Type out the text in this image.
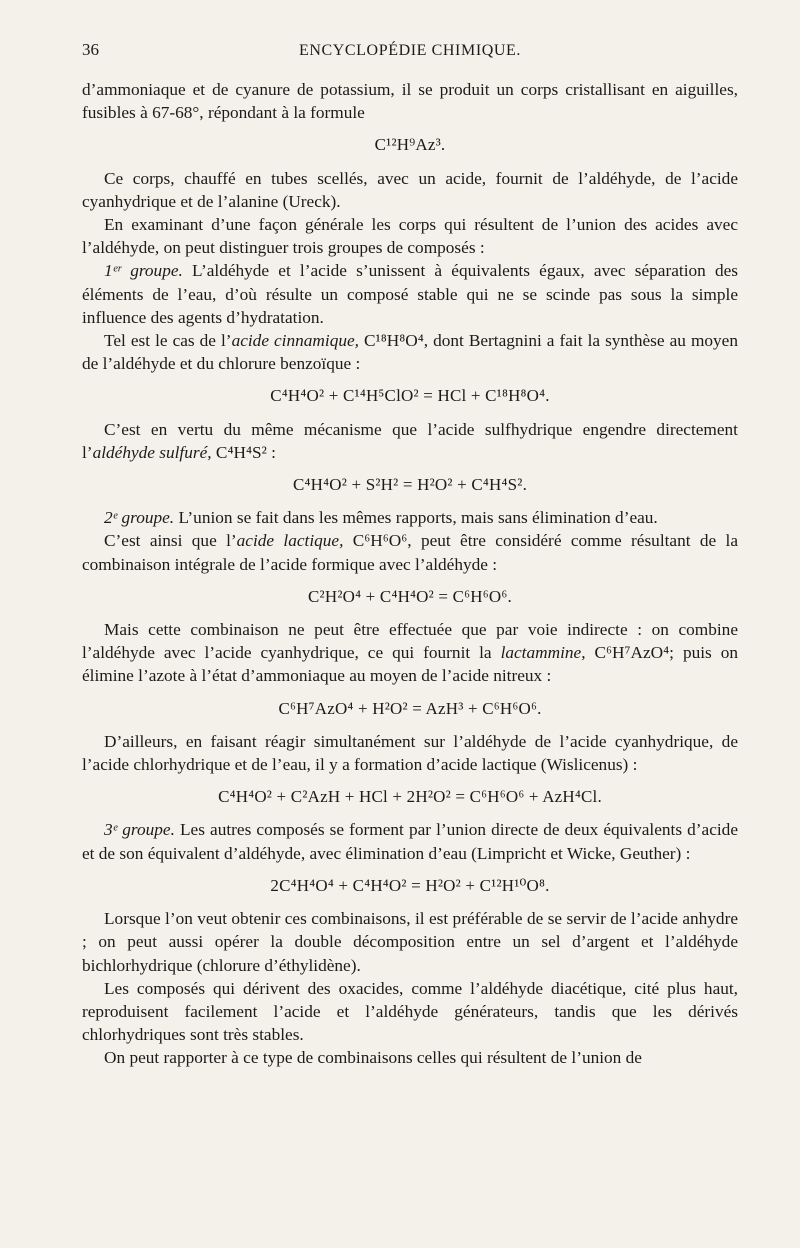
36	ENCYCLOPÉDIE CHIMIQUE.

d’ammoniaque et de cyanure de potassium, il se produit un corps cristallisant en aiguilles, fusibles à 67-68°, répondant à la formule

C¹²H⁹Az³.

Ce corps, chauffé en tubes scellés, avec un acide, fournit de l’aldéhyde, de l’acide cyanhydrique et de l’alanine (Ureck).

En examinant d’une façon générale les corps qui résultent de l’union des acides avec l’aldéhyde, on peut distinguer trois groupes de composés :

1ᵉʳ groupe. L’aldéhyde et l’acide s’unissent à équivalents égaux, avec séparation des éléments de l’eau, d’où résulte un composé stable qui ne se scinde pas sous la simple influence des agents d’hydratation.

Tel est le cas de l’acide cinnamique, C¹⁸H⁸O⁴, dont Bertagnini a fait la synthèse au moyen de l’aldéhyde et du chlorure benzoïque :

C⁴H⁴O² + C¹⁴H⁵ClO² = HCl + C¹⁸H⁸O⁴.

C’est en vertu du même mécanisme que l’acide sulfhydrique engendre directement l’aldéhyde sulfuré, C⁴H⁴S² :

C⁴H⁴O² + S²H² = H²O² + C⁴H⁴S².

2ᵉ groupe. L’union se fait dans les mêmes rapports, mais sans élimination d’eau.

C’est ainsi que l’acide lactique, C⁶H⁶O⁶, peut être considéré comme résultant de la combinaison intégrale de l’acide formique avec l’aldéhyde :

C²H²O⁴ + C⁴H⁴O² = C⁶H⁶O⁶.

Mais cette combinaison ne peut être effectuée que par voie indirecte : on combine l’aldéhyde avec l’acide cyanhydrique, ce qui fournit la lactammine, C⁶H⁷AzO⁴; puis on élimine l’azote à l’état d’ammoniaque au moyen de l’acide nitreux :

C⁶H⁷AzO⁴ + H²O² = AzH³ + C⁶H⁶O⁶.

D’ailleurs, en faisant réagir simultanément sur l’aldéhyde de l’acide cyanhydrique, de l’acide chlorhydrique et de l’eau, il y a formation d’acide lactique (Wislicenus) :

C⁴H⁴O² + C²AzH + HCl + 2H²O² = C⁶H⁶O⁶ + AzH⁴Cl.

3ᵉ groupe. Les autres composés se forment par l’union directe de deux équivalents d’acide et de son équivalent d’aldéhyde, avec élimination d’eau (Limpricht et Wicke, Geuther) :

2C⁴H⁴O⁴ + C⁴H⁴O² = H²O² + C¹²H¹⁰O⁸.

Lorsque l’on veut obtenir ces combinaisons, il est préférable de se servir de l’acide anhydre ; on peut aussi opérer la double décomposition entre un sel d’argent et l’aldéhyde bichlorhydrique (chlorure d’éthylidène).

Les composés qui dérivent des oxacides, comme l’aldéhyde diacétique, cité plus haut, reproduisent facilement l’acide et l’aldéhyde générateurs, tandis que les dérivés chlorhydriques sont très stables.

On peut rapporter à ce type de combinaisons celles qui résultent de l’union de
